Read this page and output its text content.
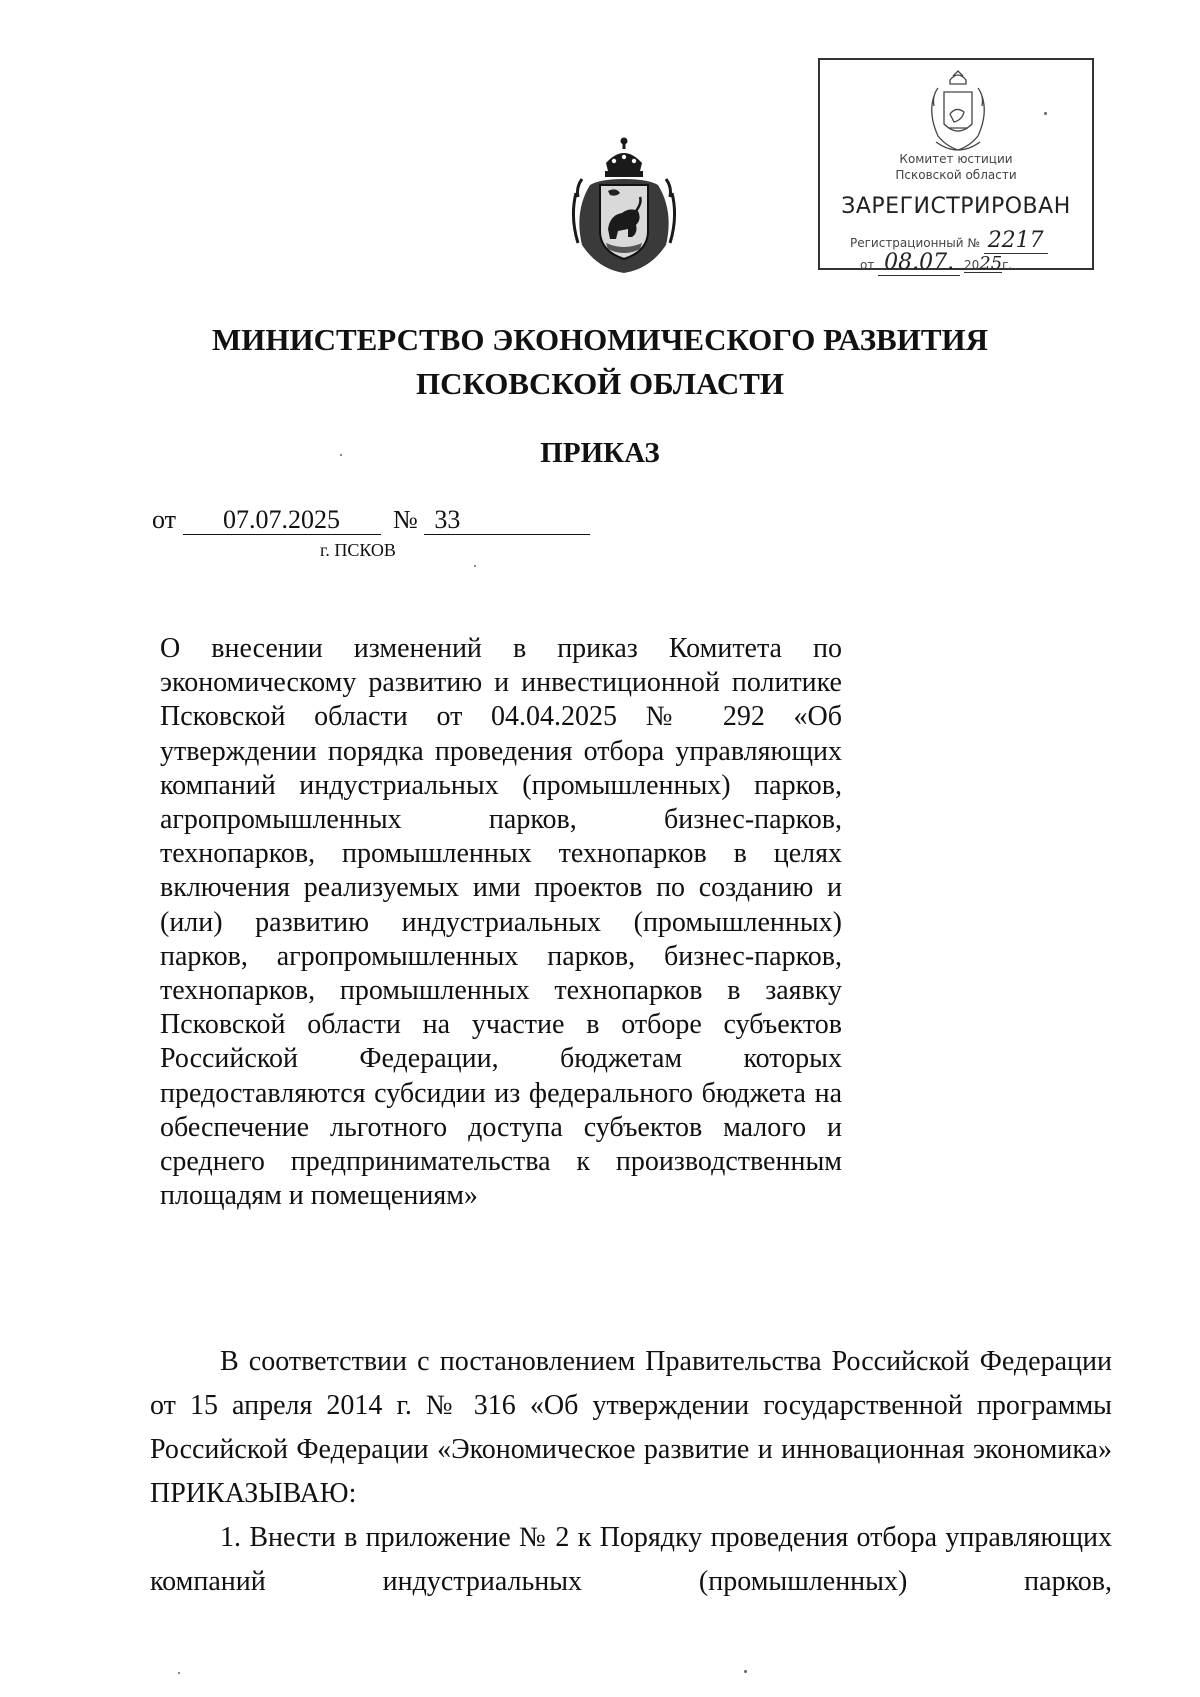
Комитет юстиции
Псковской области
ЗАРЕГИСТРИРОВАН
Регистрационный № 2217
от 08.07. 2025г.
МИНИСТЕРСТВО ЭКОНОМИЧЕСКОГО РАЗВИТИЯ
ПСКОВСКОЙ ОБЛАСТИ
ПРИКАЗ
от 07.07.2025 № 33
г. ПСКОВ
О внесении изменений в приказ Комитета по экономическому развитию и инвестиционной политике Псковской области от 04.04.2025 № 292 «Об утверждении порядка проведения отбора управляющих компаний индустриальных (промышленных) парков, агропромышленных парков, бизнес-парков, технопарков, промышленных технопарков в целях включения реализуемых ими проектов по созданию и (или) развитию индустриальных (промышленных) парков, агропромышленных парков, бизнес-парков, технопарков, промышленных технопарков в заявку Псковской области на участие в отборе субъектов Российской Федерации, бюджетам которых предоставляются субсидии из федерального бюджета на обеспечение льготного доступа субъектов малого и среднего предпринимательства к производственным площадям и помещениям»

В соответствии с постановлением Правительства Российской Федерации от 15 апреля 2014 г. № 316 «Об утверждении государственной программы Российской Федерации «Экономическое развитие и инновационная экономика» ПРИКАЗЫВАЮ:

1. Внести в приложение № 2 к Порядку проведения отбора управляющих компаний индустриальных (промышленных) парков,
